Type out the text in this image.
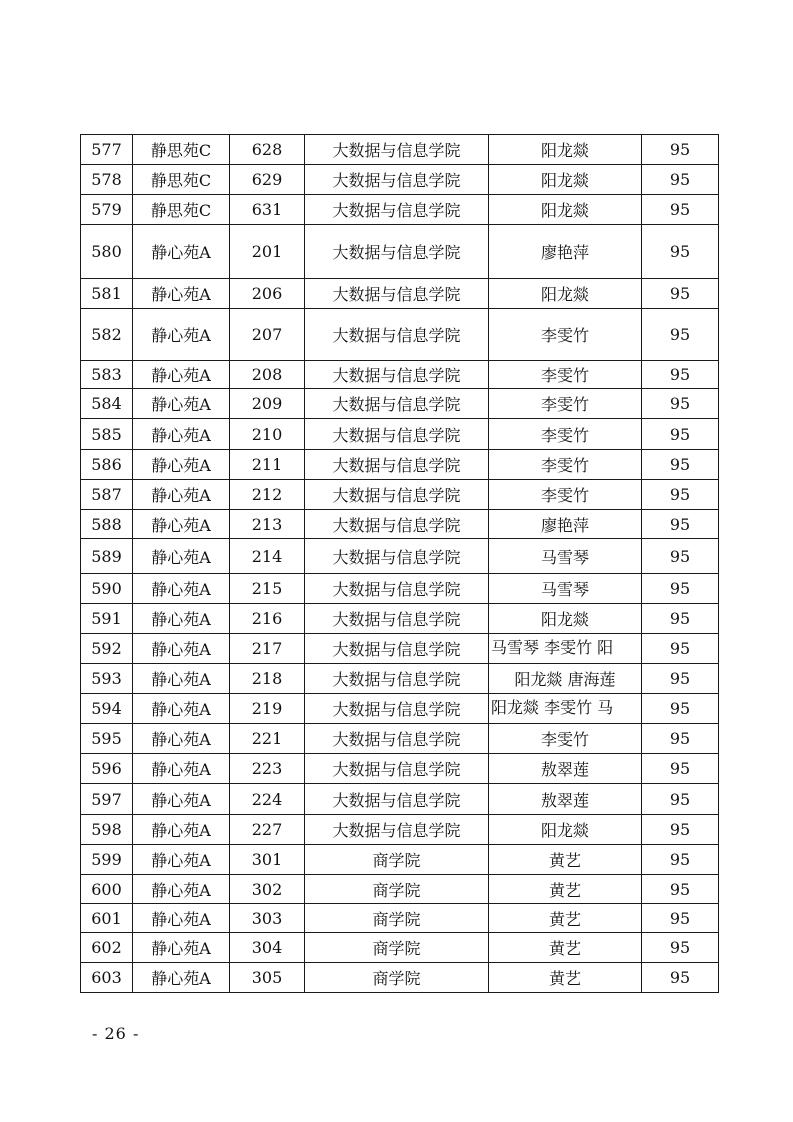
577	静思苑C	628	大数据与信息学院	阳龙燚	95
578	静思苑C	629	大数据与信息学院	阳龙燚	95
579	静思苑C	631	大数据与信息学院	阳龙燚	95
580	静心苑A	201	大数据与信息学院	廖艳萍	95
581	静心苑A	206	大数据与信息学院	阳龙燚	95
582	静心苑A	207	大数据与信息学院	李雯竹	95
583	静心苑A	208	大数据与信息学院	李雯竹	95
584	静心苑A	209	大数据与信息学院	李雯竹	95
585	静心苑A	210	大数据与信息学院	李雯竹	95
586	静心苑A	211	大数据与信息学院	李雯竹	95
587	静心苑A	212	大数据与信息学院	李雯竹	95
588	静心苑A	213	大数据与信息学院	廖艳萍	95
589	静心苑A	214	大数据与信息学院	马雪琴	95
590	静心苑A	215	大数据与信息学院	马雪琴	95
591	静心苑A	216	大数据与信息学院	阳龙燚	95
592	静心苑A	217	大数据与信息学院	马雪琴 李雯竹 阳	95
593	静心苑A	218	大数据与信息学院	阳龙燚 唐海莲	95
594	静心苑A	219	大数据与信息学院	阳龙燚 李雯竹 马	95
595	静心苑A	221	大数据与信息学院	李雯竹	95
596	静心苑A	223	大数据与信息学院	敖翠莲	95
597	静心苑A	224	大数据与信息学院	敖翠莲	95
598	静心苑A	227	大数据与信息学院	阳龙燚	95
599	静心苑A	301	商学院	黄艺	95
600	静心苑A	302	商学院	黄艺	95
601	静心苑A	303	商学院	黄艺	95
602	静心苑A	304	商学院	黄艺	95
603	静心苑A	305	商学院	黄艺	95
- 26 -
